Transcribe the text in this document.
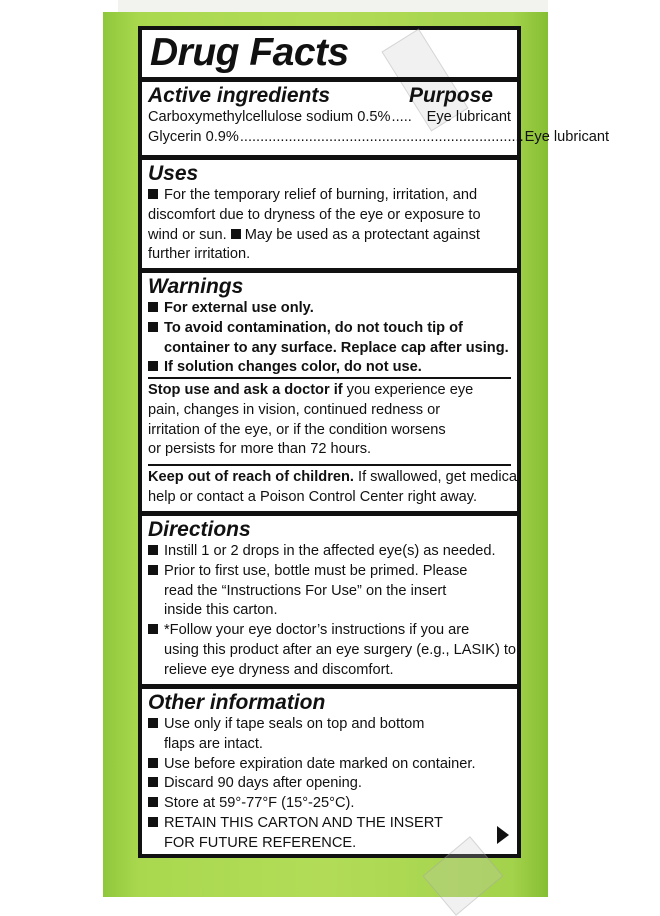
Drug Facts
Active ingredients	Purpose
Carboxymethylcellulose sodium 0.5% .....	Eye lubricant
Glycerin 0.9% ...................................................................... Eye lubricant
Uses
For the temporary relief of burning, irritation, and
discomfort due to dryness of the eye or exposure to
wind or sun. May be used as a protectant against
further irritation.
Warnings
For external use only.
To avoid contamination, do not touch tip of
container to any surface. Replace cap after using.
If solution changes color, do not use.
Stop use and ask a doctor if you experience eye
pain, changes in vision, continued redness or
irritation of the eye, or if the condition worsens
or persists for more than 72 hours.
Keep out of reach of children. If swallowed, get medical
help or contact a Poison Control Center right away.
Directions
Instill 1 or 2 drops in the affected eye(s) as needed.
Prior to first use, bottle must be primed. Please
read the “Instructions For Use” on the insert
inside this carton.
*Follow your eye doctor’s instructions if you are
using this product after an eye surgery (e.g., LASIK) to
relieve eye dryness and discomfort.
Other information
Use only if tape seals on top and bottom
flaps are intact.
Use before expiration date marked on container.
Discard 90 days after opening.
Store at 59°-77°F (15°-25°C).
RETAIN THIS CARTON AND THE INSERT
FOR FUTURE REFERENCE.
